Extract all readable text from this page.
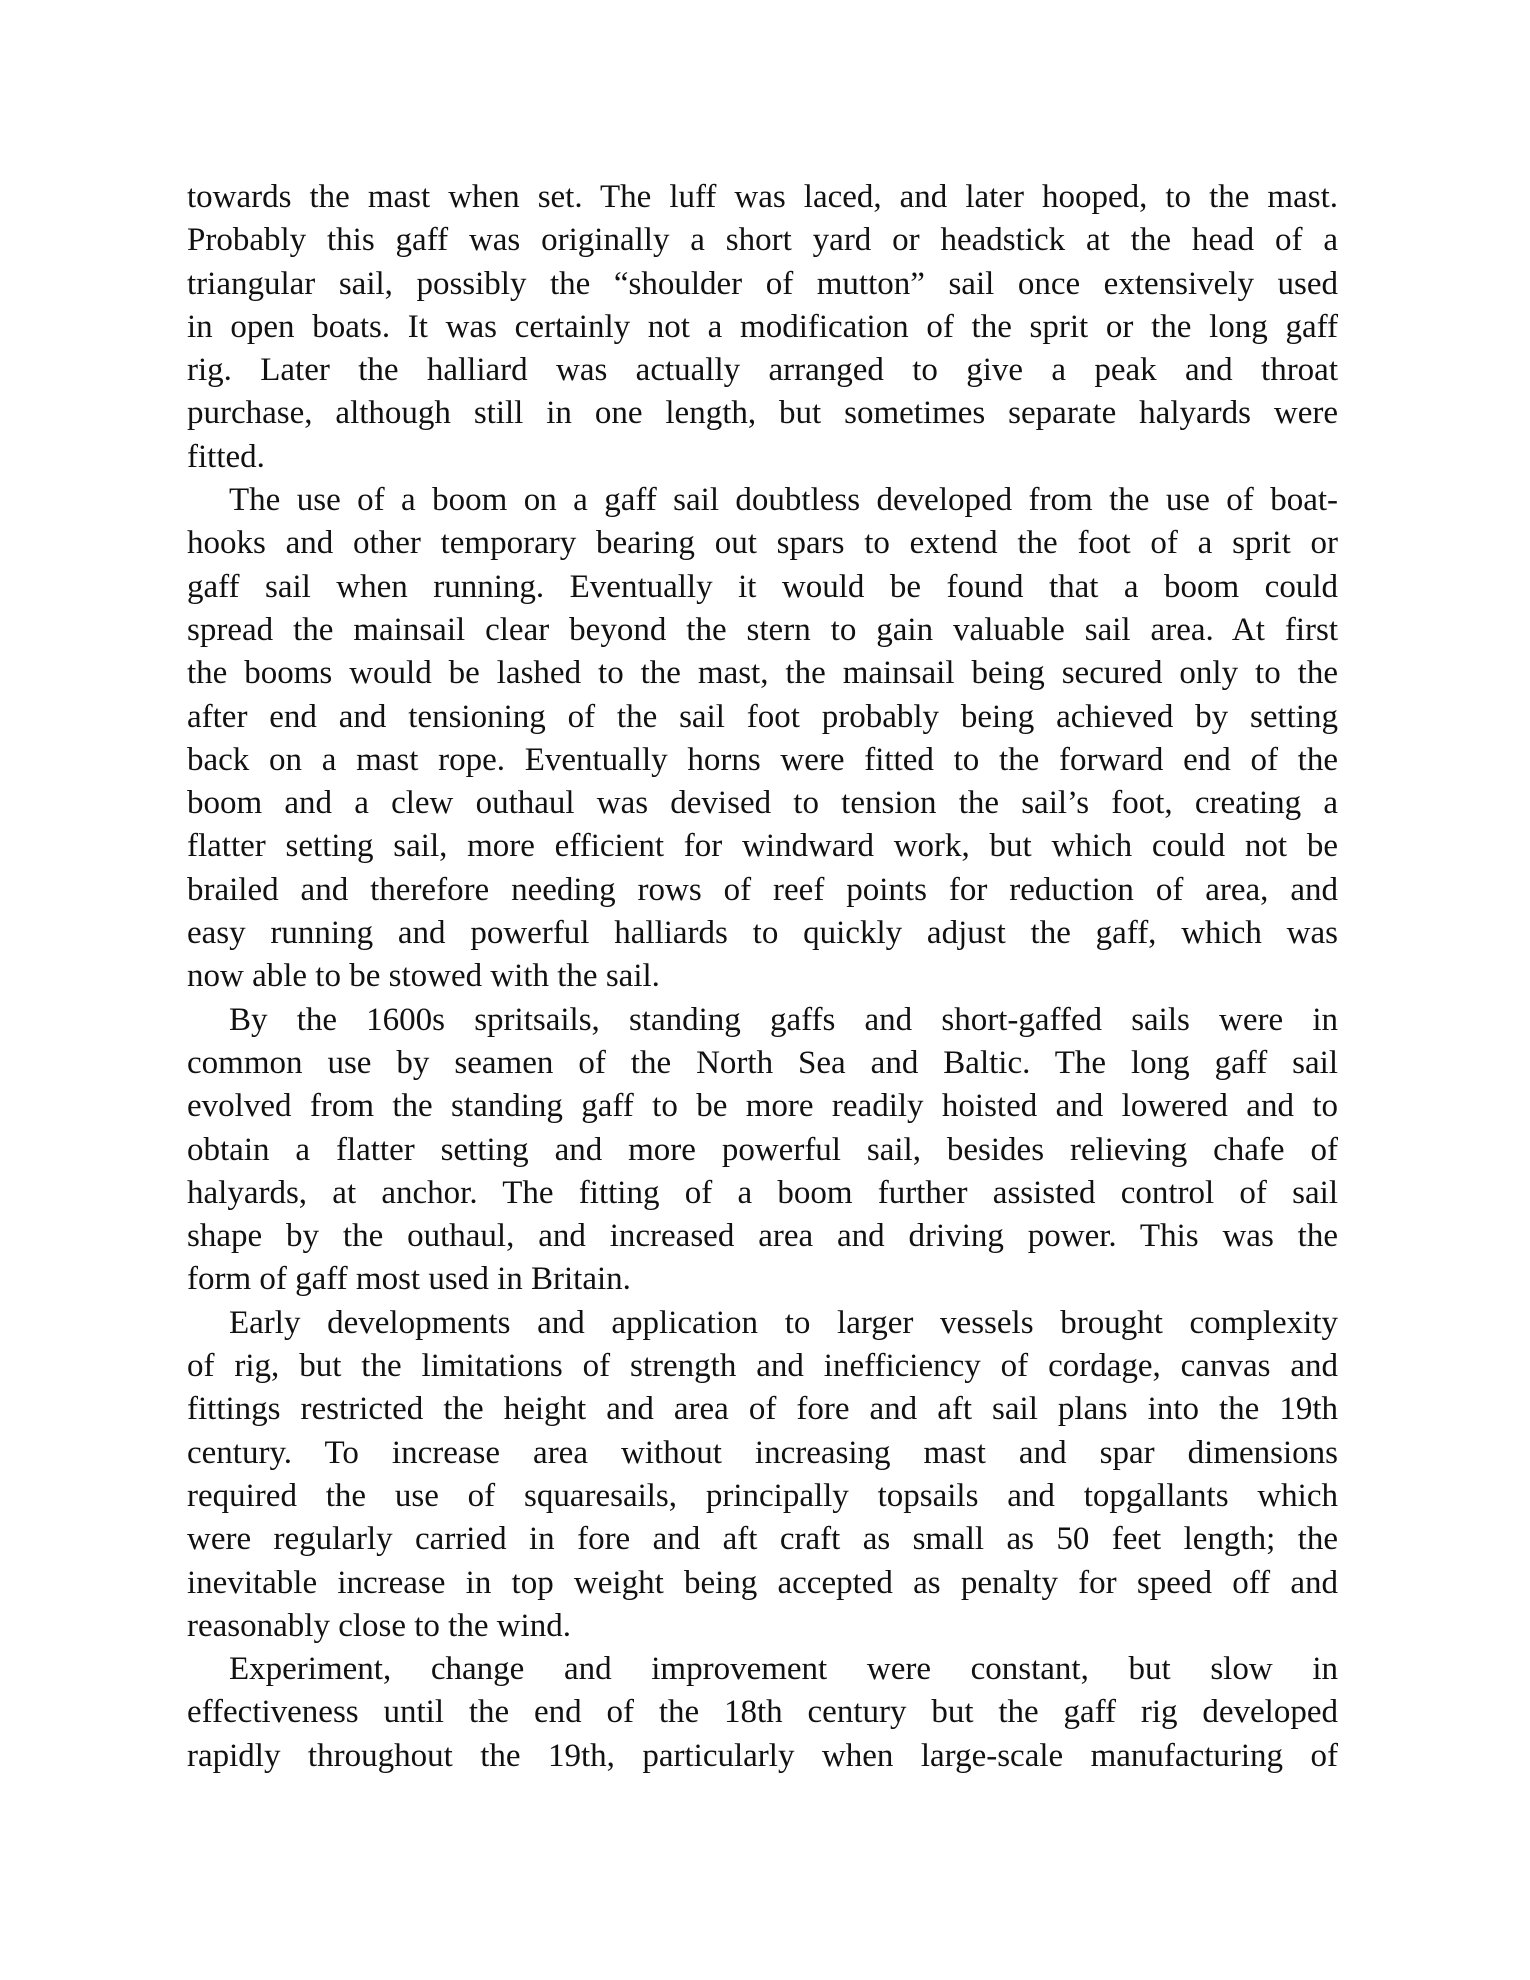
towards the mast when set. The luff was laced, and later hooped, to the mast.
Probably this gaff was originally a short yard or headstick at the head of a
triangular sail, possibly the “shoulder of mutton” sail once extensively used
in open boats. It was certainly not a modification of the sprit or the long gaff
rig. Later the halliard was actually arranged to give a peak and throat
purchase, although still in one length, but sometimes separate halyards were
fitted.
The use of a boom on a gaff sail doubtless developed from the use of boat-
hooks and other temporary bearing out spars to extend the foot of a sprit or
gaff sail when running. Eventually it would be found that a boom could
spread the mainsail clear beyond the stern to gain valuable sail area. At first
the booms would be lashed to the mast, the mainsail being secured only to the
after end and tensioning of the sail foot probably being achieved by setting
back on a mast rope. Eventually horns were fitted to the forward end of the
boom and a clew outhaul was devised to tension the sail’s foot, creating a
flatter setting sail, more efficient for windward work, but which could not be
brailed and therefore needing rows of reef points for reduction of area, and
easy running and powerful halliards to quickly adjust the gaff, which was
now able to be stowed with the sail.
By the 1600s spritsails, standing gaffs and short-gaffed sails were in
common use by seamen of the North Sea and Baltic. The long gaff sail
evolved from the standing gaff to be more readily hoisted and lowered and to
obtain a flatter setting and more powerful sail, besides relieving chafe of
halyards, at anchor. The fitting of a boom further assisted control of sail
shape by the outhaul, and increased area and driving power. This was the
form of gaff most used in Britain.
Early developments and application to larger vessels brought complexity
of rig, but the limitations of strength and inefficiency of cordage, canvas and
fittings restricted the height and area of fore and aft sail plans into the 19th
century. To increase area without increasing mast and spar dimensions
required the use of squaresails, principally topsails and topgallants which
were regularly carried in fore and aft craft as small as 50 feet length; the
inevitable increase in top weight being accepted as penalty for speed off and
reasonably close to the wind.
Experiment, change and improvement were constant, but slow in
effectiveness until the end of the 18th century but the gaff rig developed
rapidly throughout the 19th, particularly when large-scale manufacturing of
